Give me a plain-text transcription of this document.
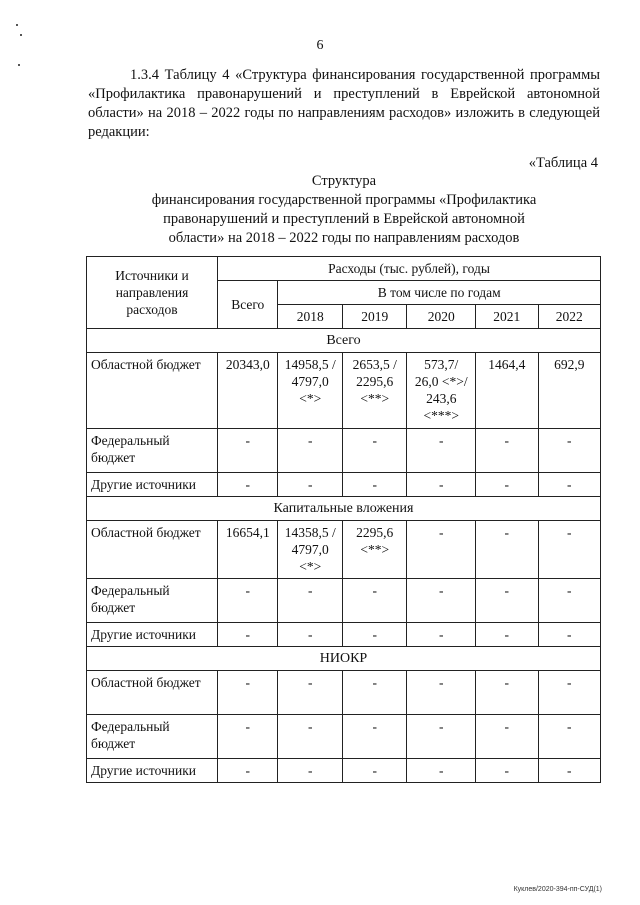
6
1.3.4 Таблицу 4 «Структура финансирования государственной программы «Профилактика правонарушений и преступлений в Еврейской автономной области» на 2018 – 2022 годы по направлениям расходов» изложить в следующей редакции:
«Таблица 4
Структура
финансирования государственной программы «Профилактика
правонарушений и преступлений в Еврейской автономной
области» на 2018 – 2022 годы по направлениям расходов
Источники и направления расходов	Расходы (тыс. рублей), годы					
	Всего	В том числе по годам				
		2018	2019	2020	2021	2022
Всего						
Областной бюджет	20343,0	14958,5 / 4797,0 <*>	2653,5 / 2295,6 <**>	573,7/ 26,0 <*>/ 243,6 <***>	1464,4	692,9
Федеральный бюджет	-	-	-	-	-	-
Другие источники	-	-	-	-	-	-
Капитальные вложения						
Областной бюджет	16654,1	14358,5 / 4797,0 <*>	2295,6 <**>	-	-	-
Федеральный бюджет	-	-	-	-	-	-
Другие источники	-	-	-	-	-	-
НИОКР						
Областной бюджет	-	-	-	-	-	-
Федеральный бюджет	-	-	-	-	-	-
Другие источники	-	-	-	-	-	-
Куклев/2020-394-пп-СУД(1)
